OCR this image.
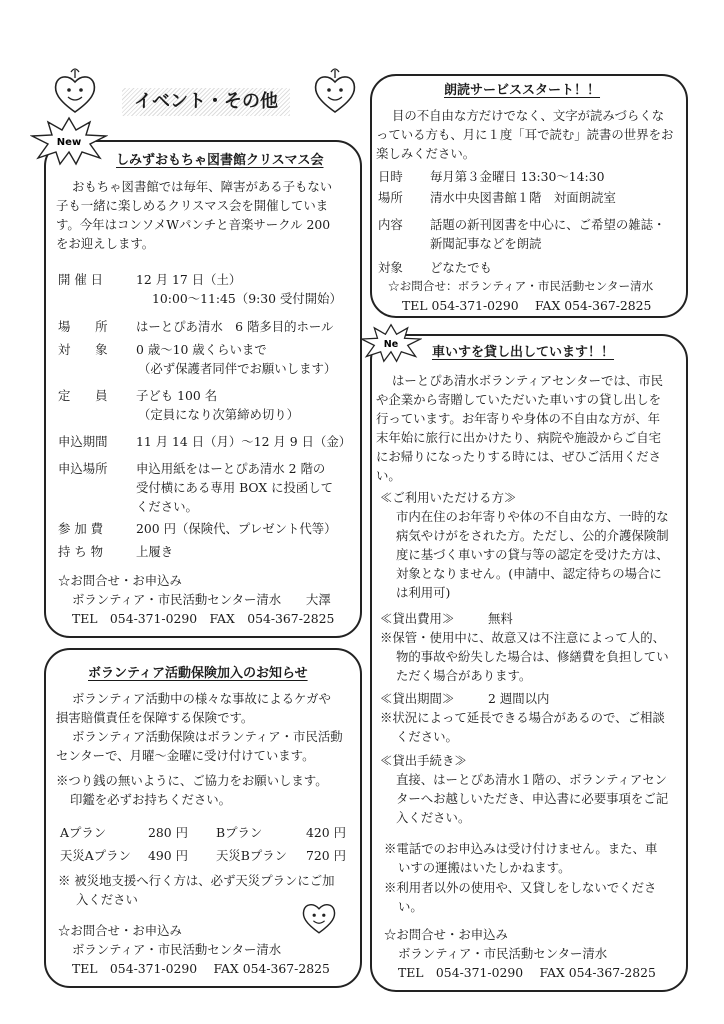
イベント・その他
New
しみずおもちゃ図書館クリスマス会
おもちゃ図書館では毎年、障害がある子もない
子も一緒に楽しめるクリスマス会を開催していま
す。今年はコンソメWパンチと音楽サークル 200
をお迎えします。
開 催 日	12 月 17 日（土）
10:00～11:45（9:30 受付開始）
場　　所 はーとぴあ清水　6 階多目的ホール
対　　象 0 歳～10 歳くらいまで
（必ず保護者同伴でお願いします）
定　　員 子ども 100 名
（定員になり次第締め切り）
申込期間 11 月 14 日（月）～12 月 9 日（金）
申込場所 申込用紙をはーとぴあ清水 2 階の
受付横にある専用 BOX に投函して
ください。
参 加 費	200 円（保険代、プレゼント代等）
持 ち 物	上履き
☆お問合せ・お申込み
ボランティア・市民活動センター清水　　大澤
TEL　054-371-0290　FAX　054-367-2825
ボランティア活動保険加入のお知らせ
ボランティア活動中の様々な事故によるケガや
損害賠償責任を保障する保険です。
ボランティア活動保険はボランティア・市民活動
センターで、月曜～金曜に受け付けています。
※つり銭の無いように、ご協力をお願いします。
印鑑を必ずお持ちください。
Aプラン	280 円 Bプラン	420 円
天災Aプラン 490 円 天災Bプラン 720 円
※ 被災地支援へ行く方は、必ず天災プランにご加
入ください
☆お問合せ・お申込み
ボランティア・市民活動センター清水
TEL　054-371-0290　 FAX 054-367-2825
朗読サービススタート！！
目の不自由な方だけでなく、文字が読みづらくな
っている方も、月に１度「耳で読む」読書の世界をお
楽しみください。
日時 毎月第３金曜日 13:30～14:30
場所 清水中央図書館１階　対面朗読室
内容 話題の新刊図書を中心に、ご希望の雑誌・
新聞記事などを朗読
対象 どなたでも
☆お問合せ：ボランティア・市民活動センター清水
TEL 054-371-0290　 FAX 054-367-2825
Ne
車いすを貸し出しています！！
はーとぴあ清水ボランティアセンターでは、市民
や企業から寄贈していただいた車いすの貸し出しを
行っています。お年寄りや身体の不自由な方が、年
末年始に旅行に出かけたり、病院や施設からご自宅
にお帰りになったりする時には、ぜひご活用くださ
い。
≪ご利用いただける方≫
市内在住のお年寄りや体の不自由な方、一時的な
病気やけがをされた方。ただし、公的介護保険制
度に基づく車いすの貸与等の認定を受けた方は、
対象となりません。(申請中、認定待ちの場合に
は利用可)
≪貸出費用≫	無料
※保管・使用中に、故意又は不注意によって人的、
物的事故や紛失した場合は、修繕費を負担してい
ただく場合があります。
≪貸出期間≫	2 週間以内
※状況によって延長できる場合があるので、ご相談
ください。
≪貸出手続き≫
直接、はーとぴあ清水１階の、ボランティアセン
ターへお越しいただき、申込書に必要事項をご記
入ください。
※電話でのお申込みは受け付けません。また、車
いすの運搬はいたしかねます。
※利用者以外の使用や、又貸しをしないでくださ
い。
☆お問合せ・お申込み
ボランティア・市民活動センター清水
TEL　054-371-0290　 FAX 054-367-2825
